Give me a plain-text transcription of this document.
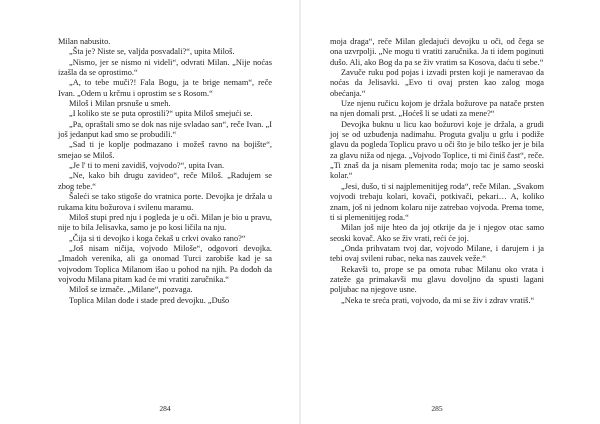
Milan nabusito.

„Šta je? Niste se, valjda posvađali?“, upita Miloš.

„Nismo, jer se nismo ni videli“, odvrati Milan. „Nije noćas izašla da se oprostimo.“

„A, to tebe muči?! Fala Bogu, ja te brige nemam“, reče Ivan. „Odem u krčmu i oprostim se s Rosom.“

Miloš i Milan prsnuše u smeh.

„I koliko ste se puta oprostili?“ upita Miloš smejući se.

„Pa, opraštali smo se dok nas nije svladao san“, reče Ivan. „I još jedanput kad smo se probudili.“

„Sad ti je koplje podmazano i možeš ravno na bojište“, smejao se Miloš.

„Je l' ti to meni zavidiš, vojvodo?“, upita Ivan.

„Ne, kako bih drugu zavideo“, reče Miloš. „Radujem se zbog tebe.“

Šaleći se tako stigoše do vratnica porte. Devojka je držala u rukama kitu božurova i svilenu maramu.

Miloš stupi pred nju i pogleda je u oči. Milan je bio u pravu, nije to bila Jelisavka, samo je po kosi ličila na nju.

„Čija si ti devojko i koga čekaš u crkvi ovako rano?“

„Još nisam ničija, vojvodo Miloše“, odgovori devojka. „Imadoh verenika, ali ga onomad Turci zarobiše kad je sa vojvodom Toplica Milanom išao u pohod na njih. Pa dođoh da vojvodu Milana pitam kad će mi vratiti zaručnika.“

Miloš se izmače. „Milane“, pozvaga.

Toplica Milan dođe i stade pred devojku. „Dušo

284

moja draga“, reče Milan gledajući devojku u oči, od čega se ona uzvrpolji. „Ne mogu ti vratiti zaručnika. Ja ti idem poginuti dušo. Ali, ako Bog da pa se živ vratim sa Kosova, daću ti sebe.“

Zavuče ruku pod pojas i izvadi prsten koji je nameravao da noćas da Jelisavki. „Evo ti ovaj prsten kao zalog moga obećanja.“

Uze njenu ručicu kojom je držala božurove pa natače prsten na njen domali prst. „Hoćeš li se udati za mene?“

Devojka buknu u licu kao božurovi koje je držala, a grudi joj se od uzbuđenja nadimahu. Proguta gvalju u grlu i podiže glavu da pogleda Toplicu pravo u oči što je bilo teško jer je bila za glavu niža od njega. „Vojvodo Toplice, ti mi činiš čast“, reče. „Ti znaš da ja nisam plemenita roda; mojo tac je samo seoski kolar.“

„Jesi, dušo, ti si najplemenitijeg roda“, reče Milan. „Svakom vojvodi trebaju kolari, kovači, potkivači, pekari… A, koliko znam, još ni jednom kolaru nije zatrebao vojvoda. Prema tome, ti si plemenitijeg roda.“

Milan još nije hteo da joj otkrije da je i njegov otac samo seoski kovač. Ako se živ vrati, reći će joj.

„Onda prihvatam tvoj dar, vojvodo Milane, i darujem i ja tebi ovaj svileni rubac, neka nas zauvek veže.“

Rekavši to, prope se pa omota rubac Milanu oko vrata i zatežе ga primakavši mu glavu dovoljno da spusti lagani poljubac na njegove usne.

„Neka te sreća prati, vojvodo, da mi se živ i zdrav vratiš.“

285
